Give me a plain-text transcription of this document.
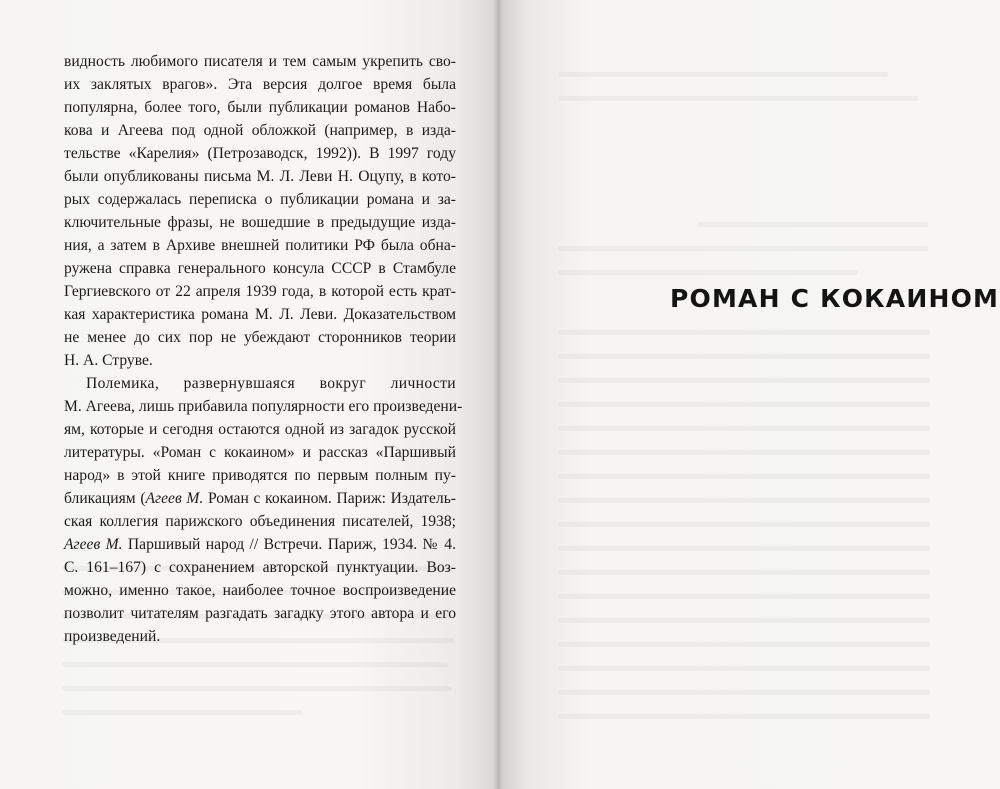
видность любимого писателя и тем самым укрепить сво-
их заклятых врагов». Эта версия долгое время была
популярна, более того, были публикации романов Набо-
кова и Агеева под одной обложкой (например, в изда-
тельстве «Карелия» (Петрозаводск, 1992)). В 1997 году
были опубликованы письма М. Л. Леви Н. Оцупу, в кото-
рых содержалась переписка о публикации романа и за-
ключительные фразы, не вошедшие в предыдущие изда-
ния, а затем в Архиве внешней политики РФ была обна-
ружена справка генерального консула СССР в Стамбуле
Гергиевского от 22 апреля 1939 года, в которой есть крат-
кая характеристика романа М. Л. Леви. Доказательством
не менее до сих пор не убеждают сторонников теории
Н. А. Струве.

Полемика, развернувшаяся вокруг личности
М. Агеева, лишь прибавила популярности его произведени-
ям, которые и сегодня остаются одной из загадок русской
литературы. «Роман с кокаином» и рассказ «Паршивый
народ» в этой книге приводятся по первым полным пу-
бликациям (Агеев М. Роман с кокаином. Париж: Издатель-
ская коллегия парижского объединения писателей, 1938;
Агеев М. Паршивый народ // Встречи. Париж, 1934. № 4.
С. 161–167) с сохранением авторской пунктуации. Воз-
можно, именно такое, наиболее точное воспроизведение
позволит читателям разгадать загадку этого автора и его
произведений.

РОМАН С КОКАИНОМ
